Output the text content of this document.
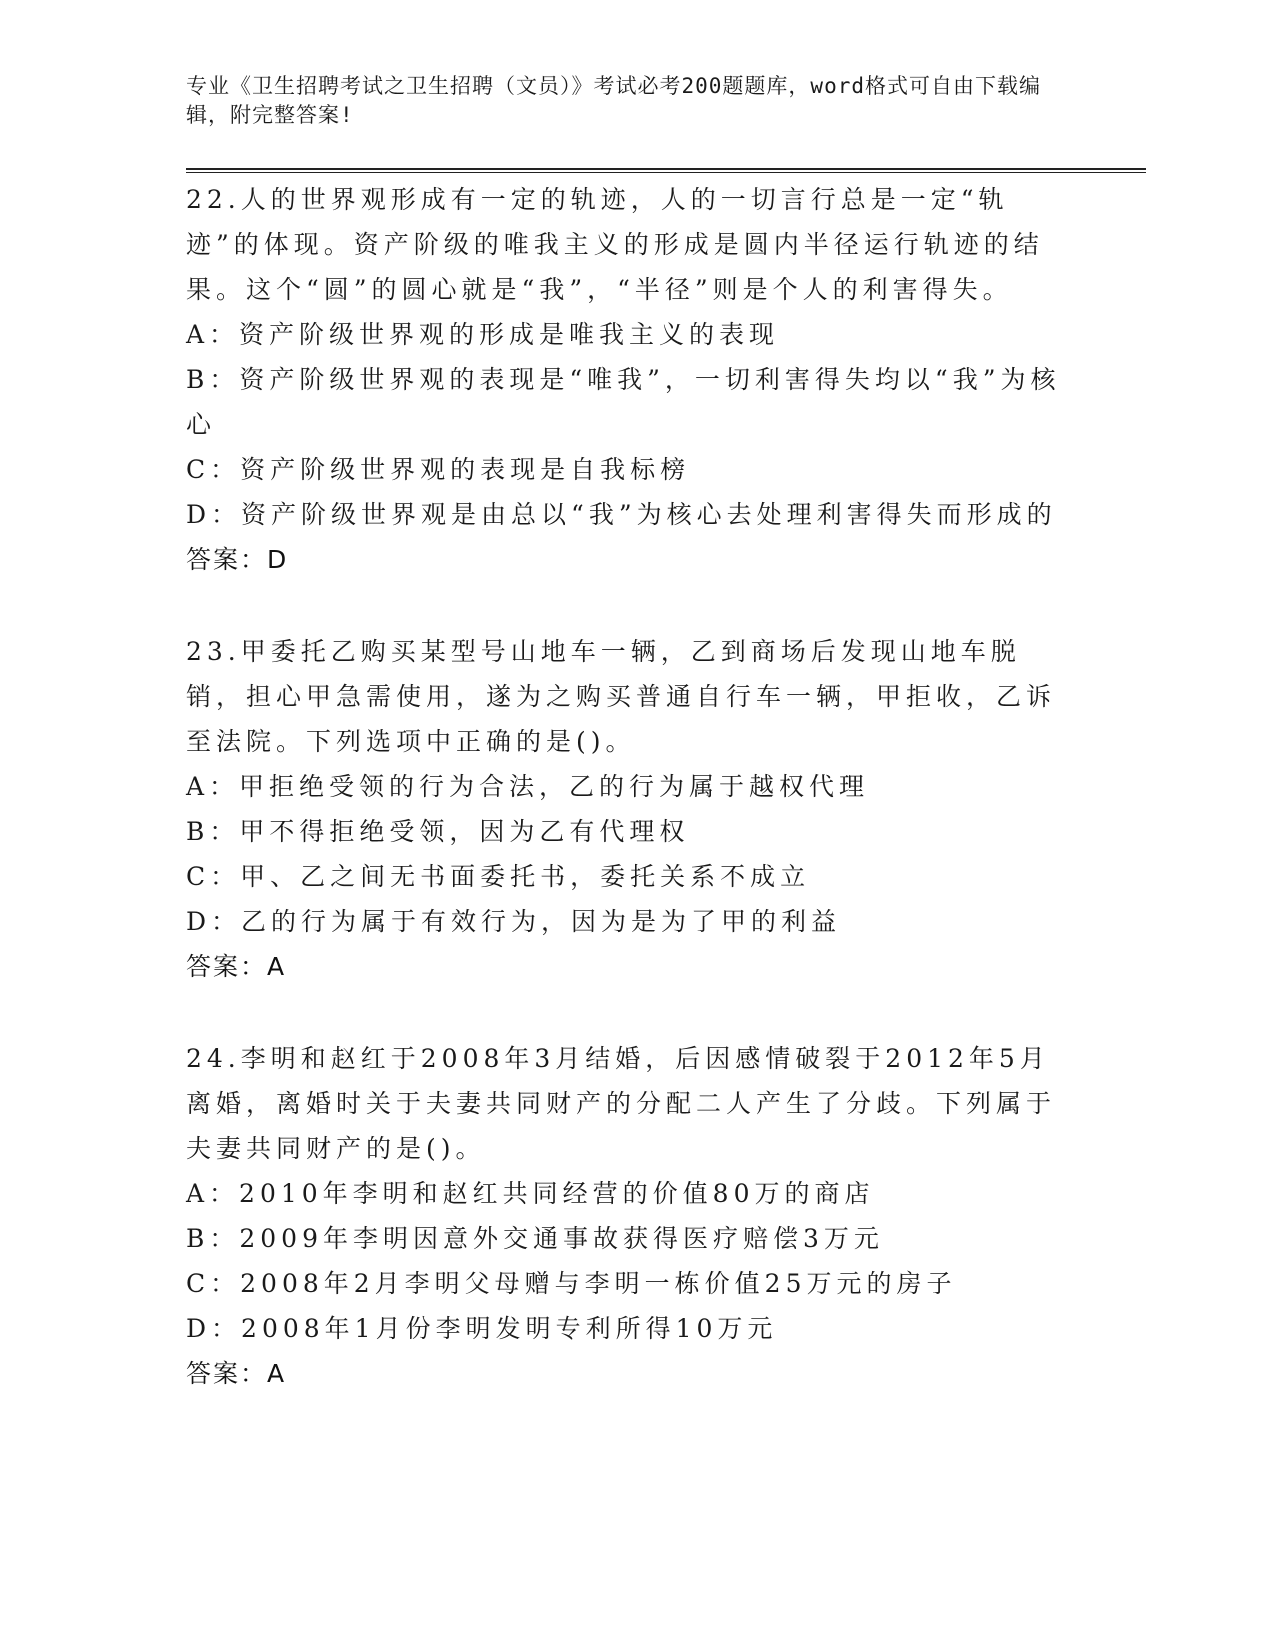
专业《卫生招聘考试之卫生招聘（文员）》考试必考200题题库，word格式可自由下载编辑，附完整答案!

22.人的世界观形成有一定的轨迹，人的一切言行总是一定“轨迹”的体现。资产阶级的唯我主义的形成是圆内半径运行轨迹的结果。这个“圆”的圆心就是“我”，“半径”则是个人的利害得失。

A：资产阶级世界观的形成是唯我主义的表现

B：资产阶级世界观的表现是“唯我”，一切利害得失均以“我”为核心

C：资产阶级世界观的表现是自我标榜

D：资产阶级世界观是由总以“我”为核心去处理利害得失而形成的

答案：D

23.甲委托乙购买某型号山地车一辆，乙到商场后发现山地车脱销，担心甲急需使用，遂为之购买普通自行车一辆，甲拒收，乙诉至法院。下列选项中正确的是()。

A：甲拒绝受领的行为合法，乙的行为属于越权代理

B：甲不得拒绝受领，因为乙有代理权

C：甲、乙之间无书面委托书，委托关系不成立

D：乙的行为属于有效行为，因为是为了甲的利益

答案：A

24.李明和赵红于2008年3月结婚，后因感情破裂于2012年5月离婚，离婚时关于夫妻共同财产的分配二人产生了分歧。下列属于夫妻共同财产的是()。

A：2010年李明和赵红共同经营的价值80万的商店

B：2009年李明因意外交通事故获得医疗赔偿3万元

C：2008年2月李明父母赠与李明一栋价值25万元的房子

D：2008年1月份李明发明专利所得10万元

答案：A
